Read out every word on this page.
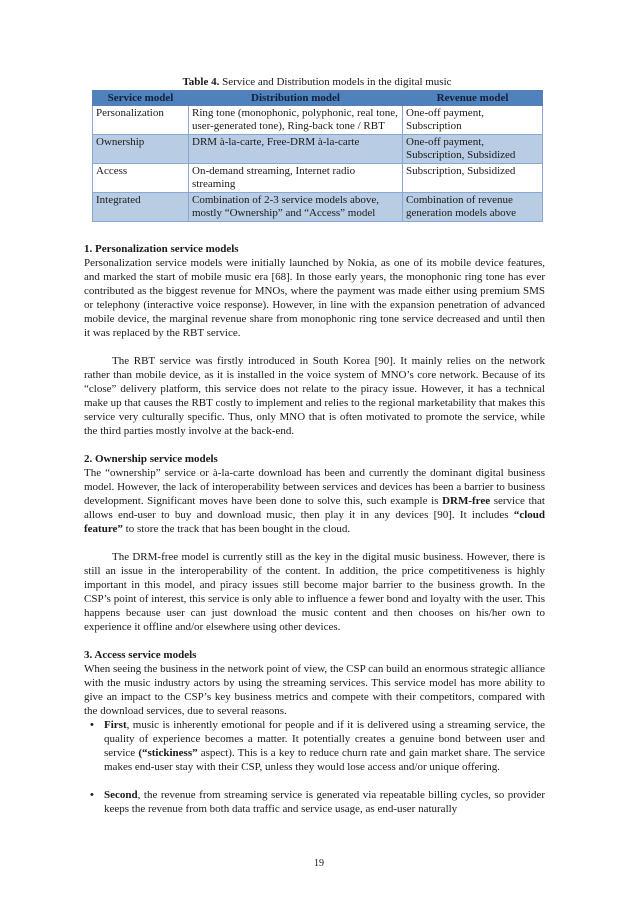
Table 4. Service and Distribution models in the digital music
Service model	Distribution model	Revenue model
Personalization	Ring tone (monophonic, polyphonic, real tone, user-generated tone), Ring-back tone / RBT	One-off payment, Subscription
Ownership	DRM à-la-carte, Free-DRM à-la-carte	One-off payment, Subscription, Subsidized
Access	On-demand streaming, Internet radio streaming	Subscription, Subsidized
Integrated	Combination of 2-3 service models above, mostly “Ownership” and “Access” model	Combination of revenue generation models above
1. Personalization service models

Personalization service models were initially launched by Nokia, as one of its mobile device features, and marked the start of mobile music era [68]. In those early years, the monophonic ring tone has ever contributed as the biggest revenue for MNOs, where the payment was made either using premium SMS or telephony (interactive voice response). However, in line with the expansion penetration of advanced mobile device, the marginal revenue share from monophonic ring tone service decreased and until then it was replaced by the RBT service.

The RBT service was firstly introduced in South Korea [90]. It mainly relies on the network rather than mobile device, as it is installed in the voice system of MNO’s core network. Because of its “close” delivery platform, this service does not relate to the piracy issue. However, it has a technical make up that causes the RBT costly to implement and relies to the regional marketability that makes this service very culturally specific. Thus, only MNO that is often motivated to promote the service, while the third parties mostly involve at the back-end.

2. Ownership service models

The “ownership” service or à-la-carte download has been and currently the dominant digital business model. However, the lack of interoperability between services and devices has been a barrier to business development. Significant moves have been done to solve this, such example is DRM-free service that allows end-user to buy and download music, then play it in any devices [90]. It includes “cloud feature” to store the track that has been bought in the cloud.

The DRM-free model is currently still as the key in the digital music business. However, there is still an issue in the interoperability of the content. In addition, the price competitiveness is highly important in this model, and piracy issues still become major barrier to the business growth. In the CSP’s point of interest, this service is only able to influence a fewer bond and loyalty with the user. This happens because user can just download the music content and then chooses on his/her own to experience it offline and/or elsewhere using other devices.

3. Access service models

When seeing the business in the network point of view, the CSP can build an enormous strategic alliance with the music industry actors by using the streaming services. This service model has more ability to give an impact to the CSP’s key business metrics and compete with their competitors, compared with the download services, due to several reasons.

• First, music is inherently emotional for people and if it is delivered using a streaming service, the quality of experience becomes a matter. It potentially creates a genuine bond between user and service (“stickiness” aspect). This is a key to reduce churn rate and gain market share. The service makes end-user stay with their CSP, unless they would lose access and/or unique offering.
• Second, the revenue from streaming service is generated via repeatable billing cycles, so provider keeps the revenue from both data traffic and service usage, as end-user naturally
19
